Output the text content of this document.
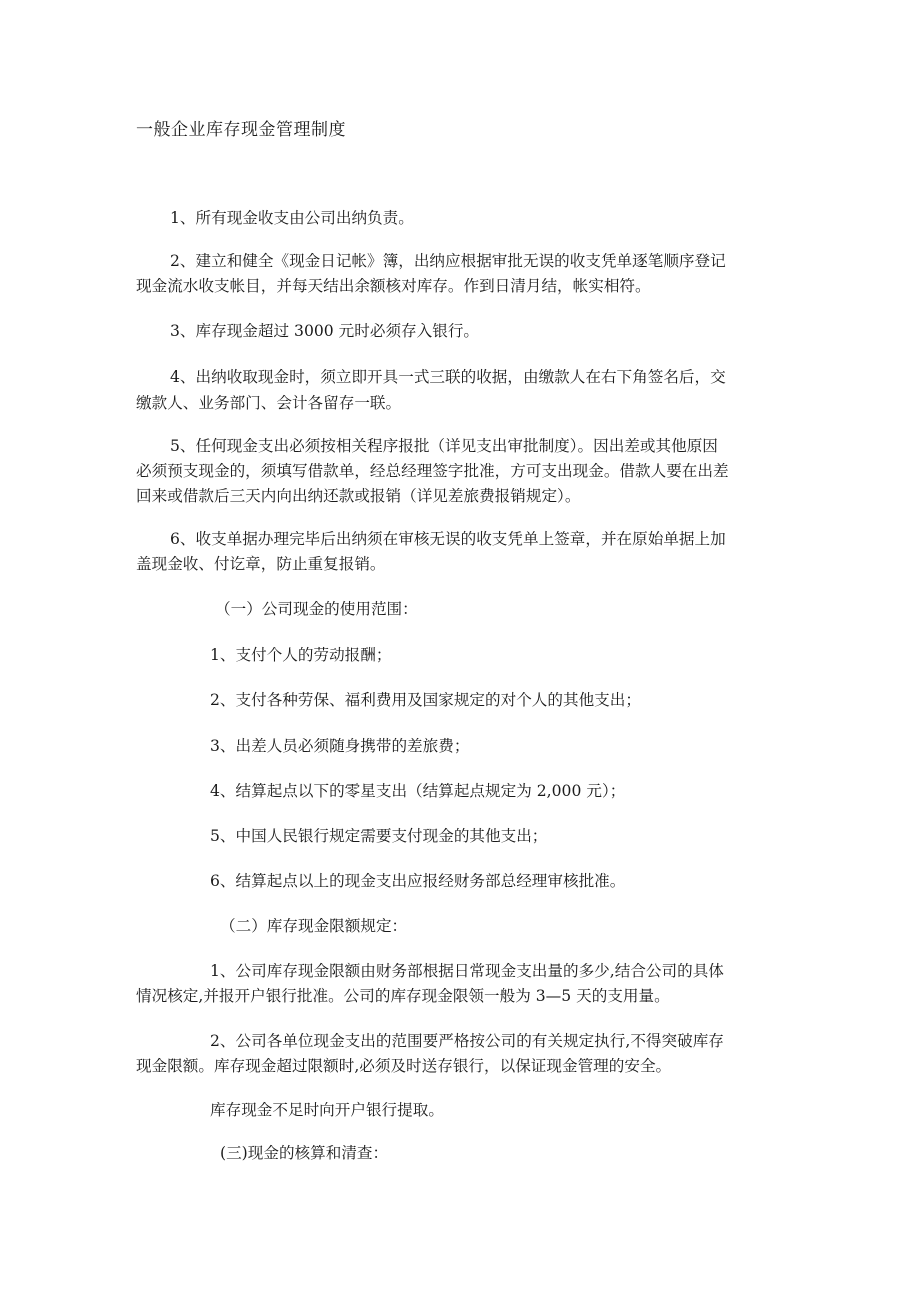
一般企业库存现金管理制度
1、所有现金收支由公司出纳负责。
2、建立和健全《现金日记帐》簿，出纳应根据审批无误的收支凭单逐笔顺序登记
现金流水收支帐目，并每天结出余额核对库存。作到日清月结，帐实相符。
3、库存现金超过 3000 元时必须存入银行。
4、出纳收取现金时，须立即开具一式三联的收据，由缴款人在右下角签名后，交
缴款人、业务部门、会计各留存一联。
5、任何现金支出必须按相关程序报批（详见支出审批制度）。因出差或其他原因
必须预支现金的，须填写借款单，经总经理签字批准，方可支出现金。借款人要在出差
回来或借款后三天内向出纳还款或报销（详见差旅费报销规定）。
6、收支单据办理完毕后出纳须在审核无误的收支凭单上签章，并在原始单据上加
盖现金收、付讫章，防止重复报销。
（一）公司现金的使用范围：
1、支付个人的劳动报酬；
2、支付各种劳保、福利费用及国家规定的对个人的其他支出；
3、出差人员必须随身携带的差旅费；
4、结算起点以下的零星支出（结算起点规定为 2,000 元）；
5、中国人民银行规定需要支付现金的其他支出；
6、结算起点以上的现金支出应报经财务部总经理审核批准。
（二）库存现金限额规定：
1、公司库存现金限额由财务部根据日常现金支出量的多少,结合公司的具体
情况核定,并报开户银行批准。公司的库存现金限领一般为 3—5 天的支用量。
2、公司各单位现金支出的范围要严格按公司的有关规定执行,不得突破库存
现金限额。库存现金超过限额时,必须及时送存银行，以保证现金管理的安全。
库存现金不足时向开户银行提取。
(三)现金的核算和清查：
